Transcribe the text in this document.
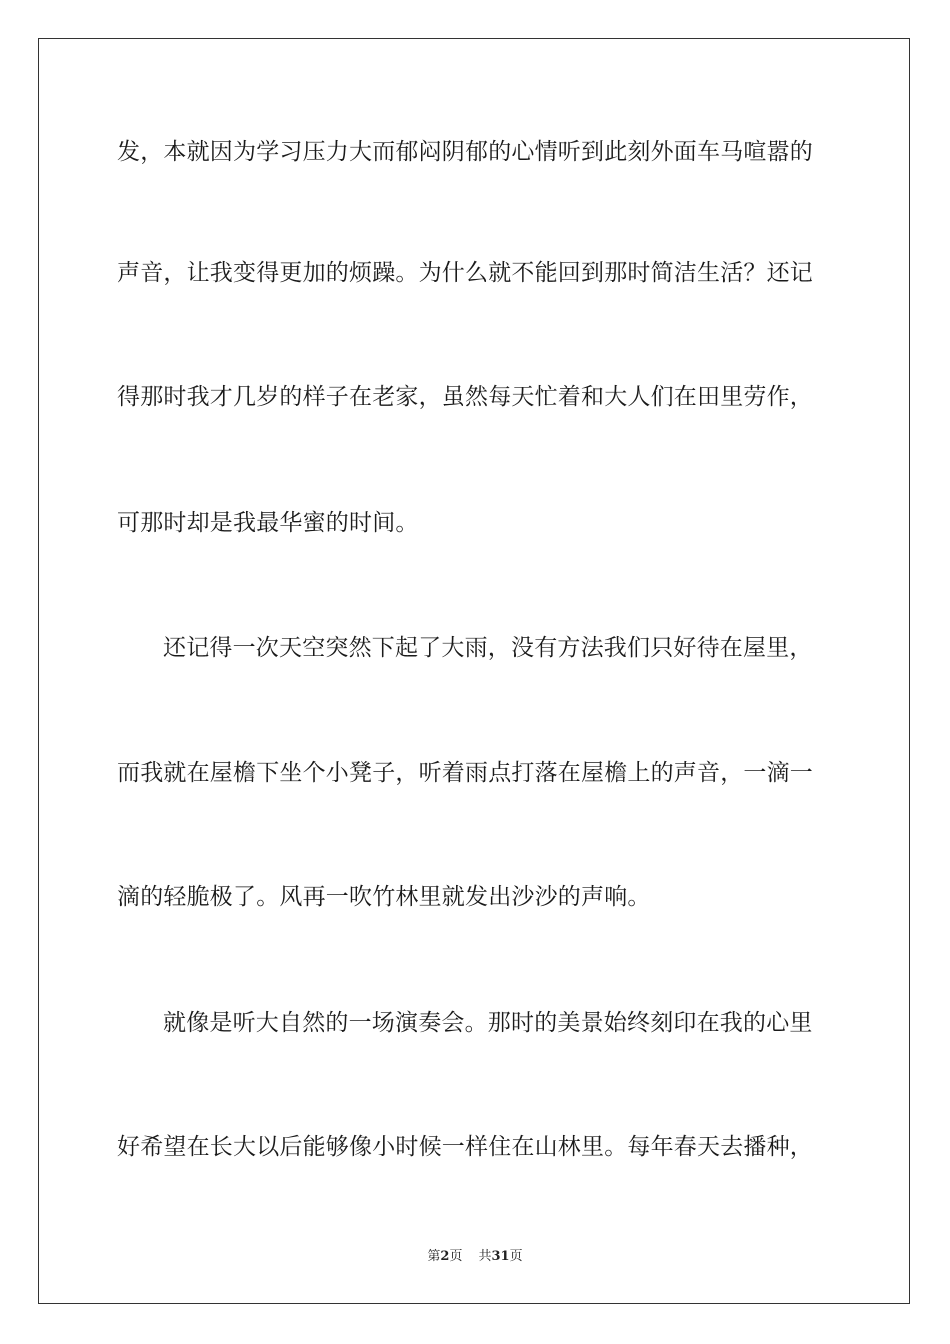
发，本就因为学习压力大而郁闷阴郁的心情听到此刻外面车马喧嚣的
声音，让我变得更加的烦躁。为什么就不能回到那时简洁生活？还记
得那时我才几岁的样子在老家，虽然每天忙着和大人们在田里劳作，
可那时却是我最华蜜的时间。
还记得一次天空突然下起了大雨，没有方法我们只好待在屋里，
而我就在屋檐下坐个小凳子，听着雨点打落在屋檐上的声音，一滴一
滴的轻脆极了。风再一吹竹林里就发出沙沙的声响。
就像是听大自然的一场演奏会。那时的美景始终刻印在我的心里
好希望在长大以后能够像小时候一样住在山林里。每年春天去播种，
第2页 共31页
